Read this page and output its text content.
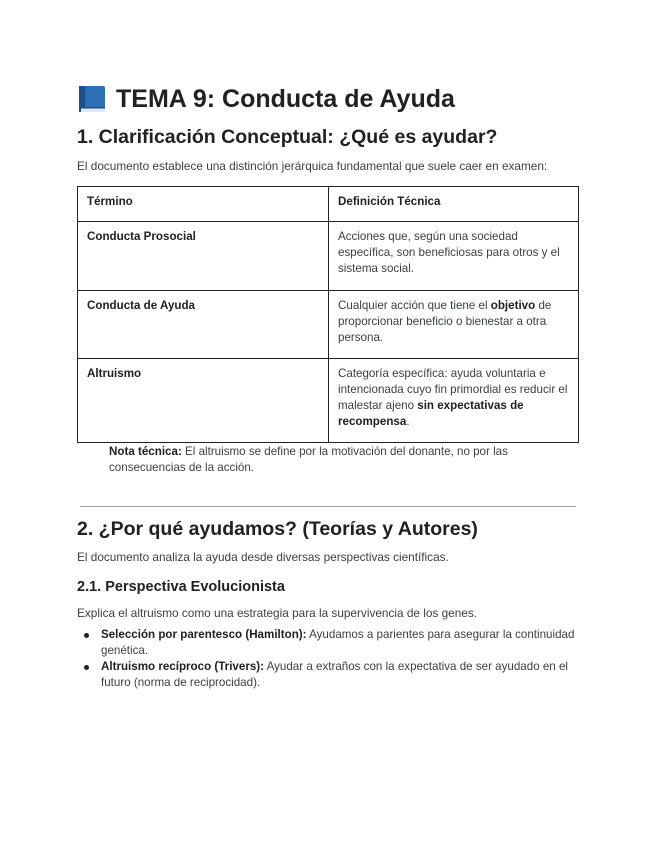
TEMA 9: Conducta de Ayuda
1. Clarificación Conceptual: ¿Qué es ayudar?

El documento establece una distinción jerárquica fundamental que suele caer en examen:

Término	Definición Técnica
Conducta Prosocial	Acciones que, según una sociedad específica, son beneficiosas para otros y el sistema social.
Conducta de Ayuda	Cualquier acción que tiene el objetivo de proporcionar beneficio o bienestar a otra persona.
Altruismo	Categoría específica: ayuda voluntaria e intencionada cuyo fin primordial es reducir el malestar ajeno sin expectativas de recompensa.

Nota técnica: El altruismo se define por la motivación del donante, no por las consecuencias de la acción.

2. ¿Por qué ayudamos? (Teorías y Autores)

El documento analiza la ayuda desde diversas perspectivas científicas.

2.1. Perspectiva Evolucionista

Explica el altruismo como una estrategia para la supervivencia de los genes.

Selección por parentesco (Hamilton): Ayudamos a parientes para asegurar la continuidad genética.
Altruismo recíproco (Trivers): Ayudar a extraños con la expectativa de ser ayudado en el futuro (norma de reciprocidad).
